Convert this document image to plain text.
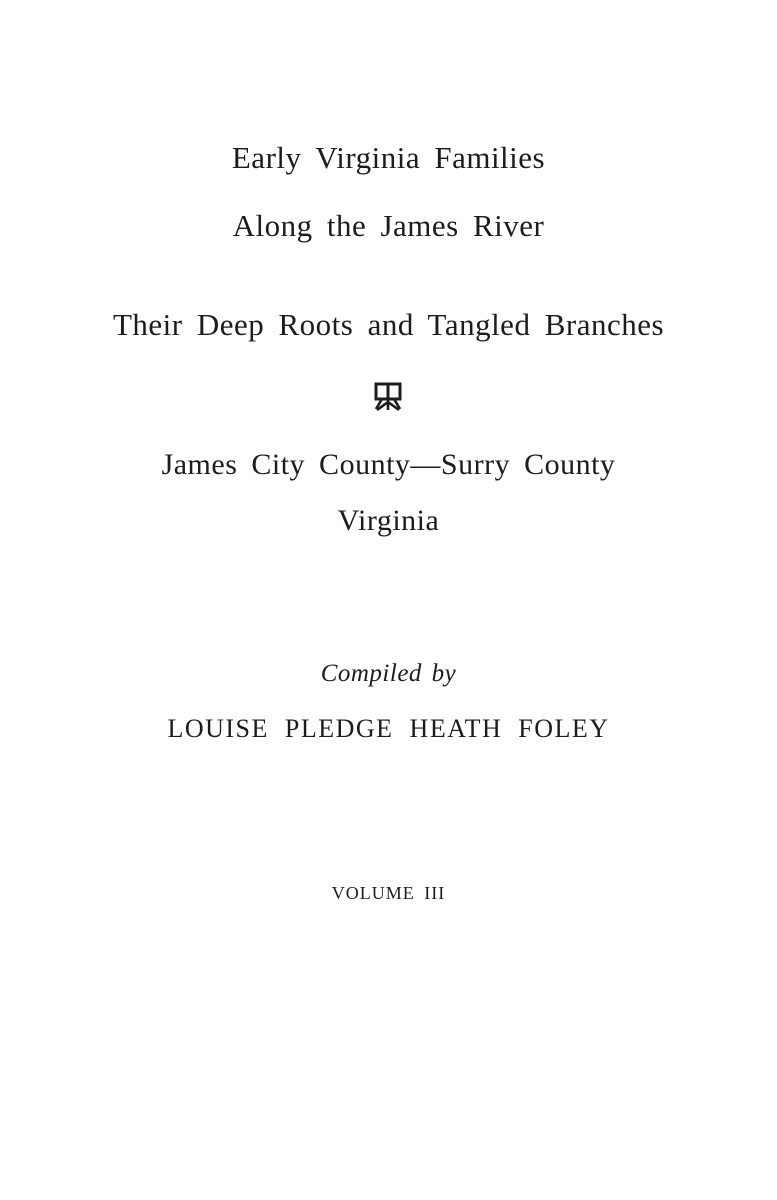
Early Virginia Families
Along the James River
Their Deep Roots and Tangled Branches
James City County—Surry County
Virginia
Compiled by
LOUISE PLEDGE HEATH FOLEY
VOLUME III
